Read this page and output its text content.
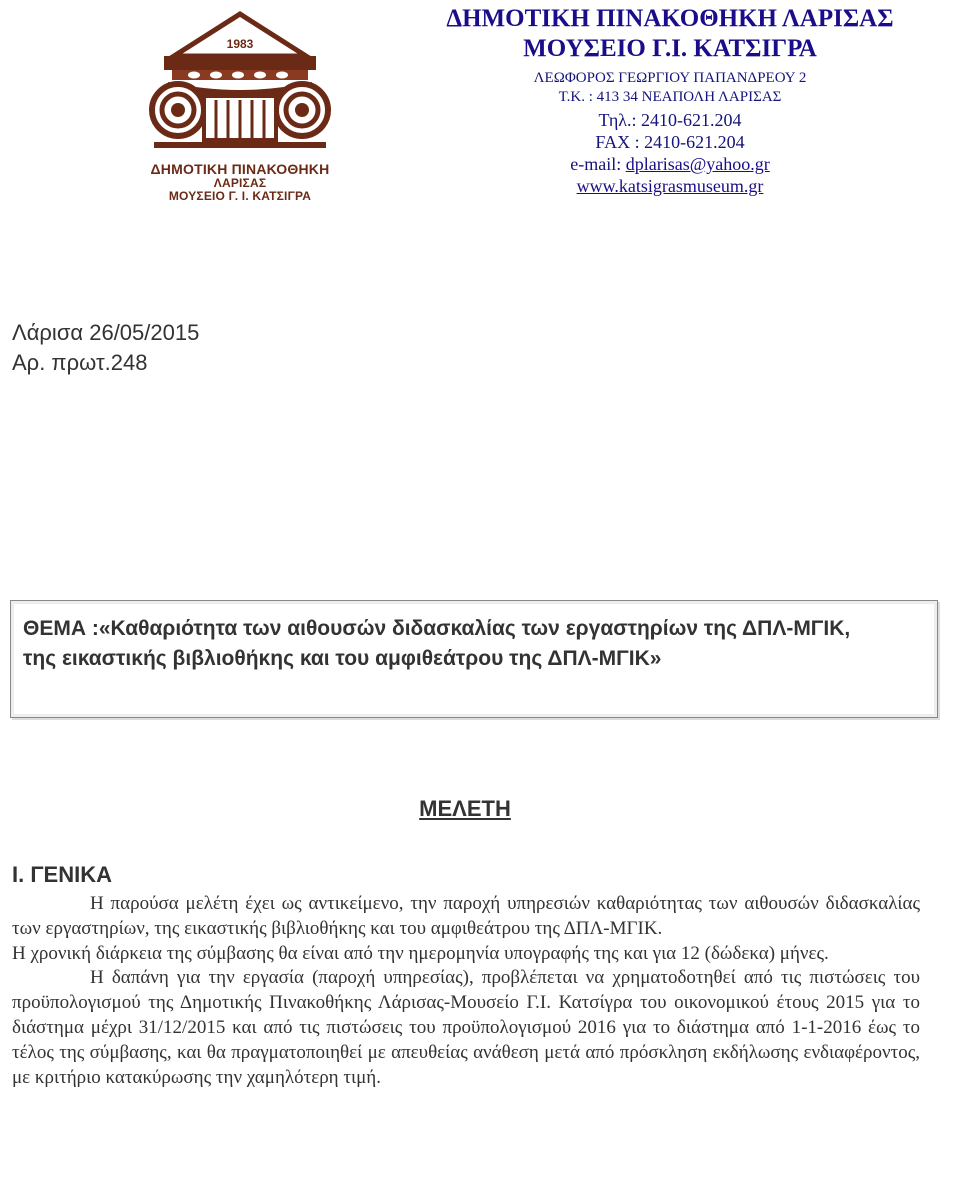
1983
ΔΗΜΟΤΙΚΗ ΠΙΝΑΚΟΘΗΚΗ
ΛΑΡΙΣΑΣ
ΜΟΥΣΕΙΟ Γ. Ι. ΚΑΤΣΙΓΡΑ
ΔΗΜΟΤΙΚΗ ΠΙΝΑΚΟΘΗΚΗ ΛΑΡΙΣΑΣ
ΜΟΥΣΕΙΟ Γ.Ι. ΚΑΤΣΙΓΡΑ
ΛΕΩΦΟΡΟΣ ΓΕΩΡΓΙΟΥ ΠΑΠΑΝΔΡΕΟΥ 2
Τ.Κ. : 413 34 ΝΕΑΠΟΛΗ ΛΑΡΙΣΑΣ
Τηλ.: 2410-621.204
FAX : 2410-621.204
e-mail: dplarisas@yahoo.gr
www.katsigrasmuseum.gr
Λάρισα 26/05/2015
Αρ. πρωτ.248
ΘΕΜΑ :«Καθαριότητα των αιθουσών διδασκαλίας των εργαστηρίων της ΔΠΛ-ΜΓΙΚ,
της εικαστικής βιβλιοθήκης και του αμφιθεάτρου της ΔΠΛ-ΜΓΙΚ»
ΜΕΛΕΤΗ
Ι. ΓΕΝΙΚΑ

Η παρούσα μελέτη έχει ως αντικείμενο, την παροχή υπηρεσιών καθαριότητας των αιθουσών διδασκαλίας των εργαστηρίων, της εικαστικής βιβλιοθήκης και του αμφιθεάτρου της ΔΠΛ-ΜΓΙΚ.

Η χρονική διάρκεια της σύμβασης θα είναι από την ημερομηνία υπογραφής της και για 12 (δώδεκα) μήνες.

Η δαπάνη για την εργασία (παροχή υπηρεσίας), προβλέπεται να χρηματοδοτηθεί από τις πιστώσεις του προϋπολογισμού της Δημοτικής Πινακοθήκης Λάρισας-Μουσείο Γ.Ι. Κατσίγρα του οικονομικού έτους 2015 για το διάστημα μέχρι 31/12/2015 και από τις πιστώσεις του προϋπολογισμού 2016 για το διάστημα από 1-1-2016 έως το τέλος της σύμβασης, και θα πραγματοποιηθεί με απευθείας ανάθεση μετά από πρόσκληση εκδήλωσης ενδιαφέροντος, με κριτήριο κατακύρωσης την χαμηλότερη τιμή.
